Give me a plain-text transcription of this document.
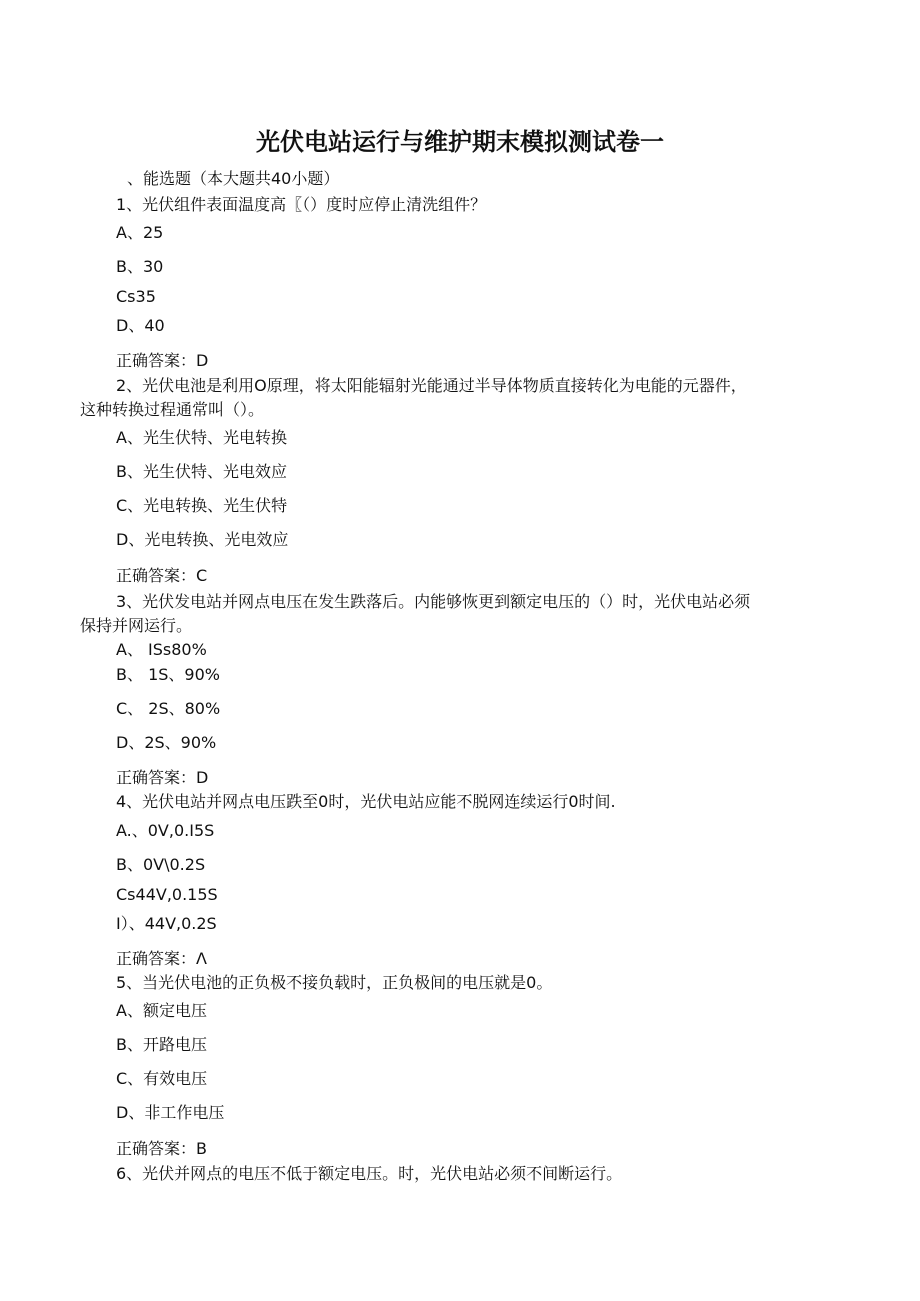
光伏电站运行与维护期末模拟测试卷一
、能选题（本大题共40小题）
1、光伏组件表面温度高〖（）度时应停止清洗组件？
A、25
B、30
Cs35
D、40
正确答案：D
2、光伏电池是利用O原理，将太阳能辐射光能通过半导体物质直接转化为电能的元器件，
这种转换过程通常叫（）。
A、光生伏特、光电转换
B、光生伏特、光电效应
C、光电转换、光生伏特
D、光电转换、光电效应
正确答案：C
3、光伏发电站并网点电压在发生跌落后。内能够恢更到额定电压的（）时，光伏电站必须
保持并网运行。
A、 ISs80%
B、 1S、90%
C、 2S、80%
D、2S、90%
正确答案：D
4、光伏电站并网点电压跌至0时，光伏电站应能不脱网连续运行0时间.
A.、0V,0.I5S
B、0V\0.2S
Cs44V,0.15S
I）、44V,0.2S
正确答案：Λ
5、当光伏电池的正负极不接负载时，正负极间的电压就是0。
A、额定电压
B、开路电压
C、有效电压
D、非工作电压
正确答案：B
6、光伏并网点的电压不低于额定电压。时，光伏电站必须不间断运行。
